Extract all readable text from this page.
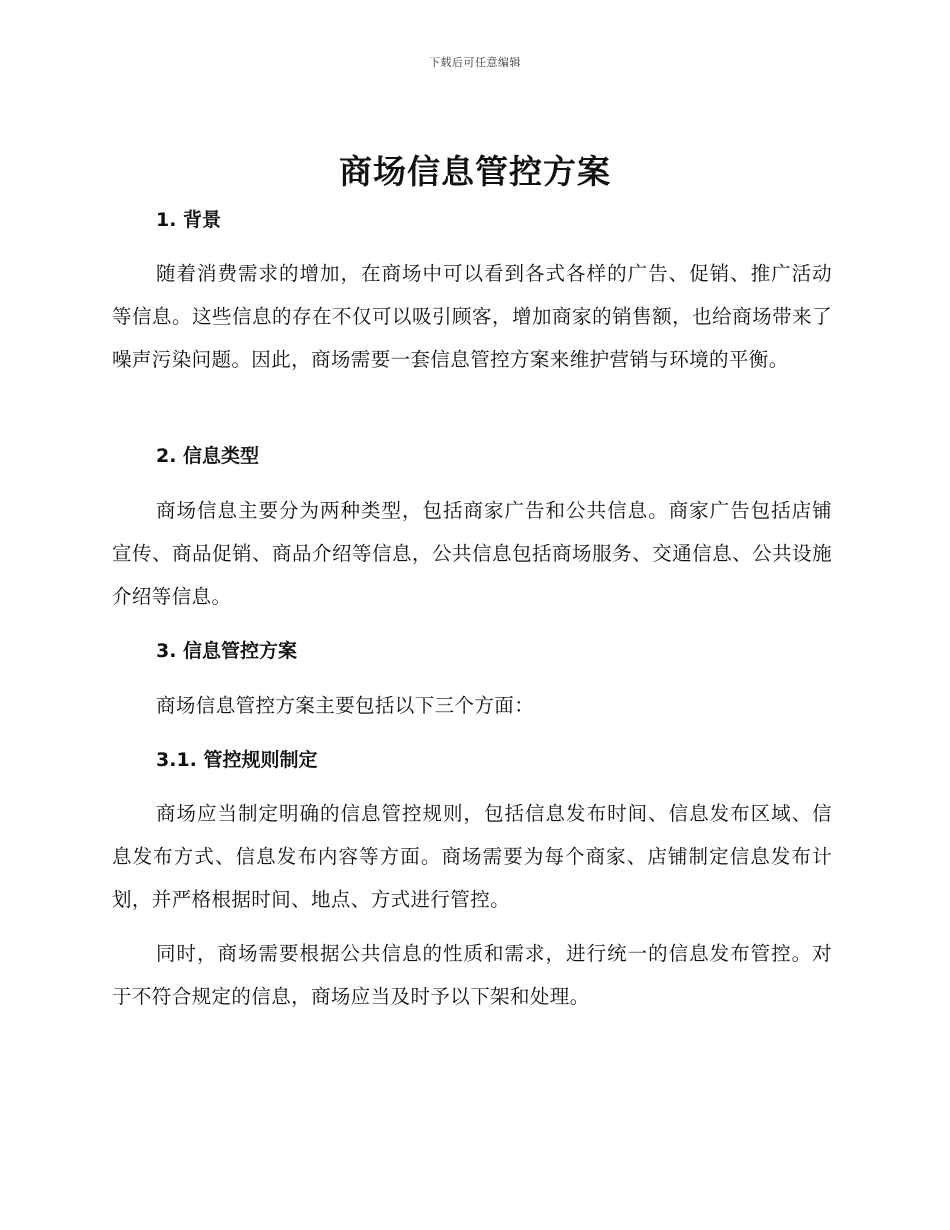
下载后可任意编辑
商场信息管控方案
1. 背景

随着消费需求的增加，在商场中可以看到各式各样的广告、促销、推广活动等信息。这些信息的存在不仅可以吸引顾客，增加商家的销售额，也给商场带来了噪声污染问题。因此，商场需要一套信息管控方案来维护营销与环境的平衡。

2. 信息类型

商场信息主要分为两种类型，包括商家广告和公共信息。商家广告包括店铺宣传、商品促销、商品介绍等信息，公共信息包括商场服务、交通信息、公共设施介绍等信息。

3. 信息管控方案

商场信息管控方案主要包括以下三个方面：

3.1. 管控规则制定

商场应当制定明确的信息管控规则，包括信息发布时间、信息发布区域、信息发布方式、信息发布内容等方面。商场需要为每个商家、店铺制定信息发布计划，并严格根据时间、地点、方式进行管控。

同时，商场需要根据公共信息的性质和需求，进行统一的信息发布管控。对于不符合规定的信息，商场应当及时予以下架和处理。
